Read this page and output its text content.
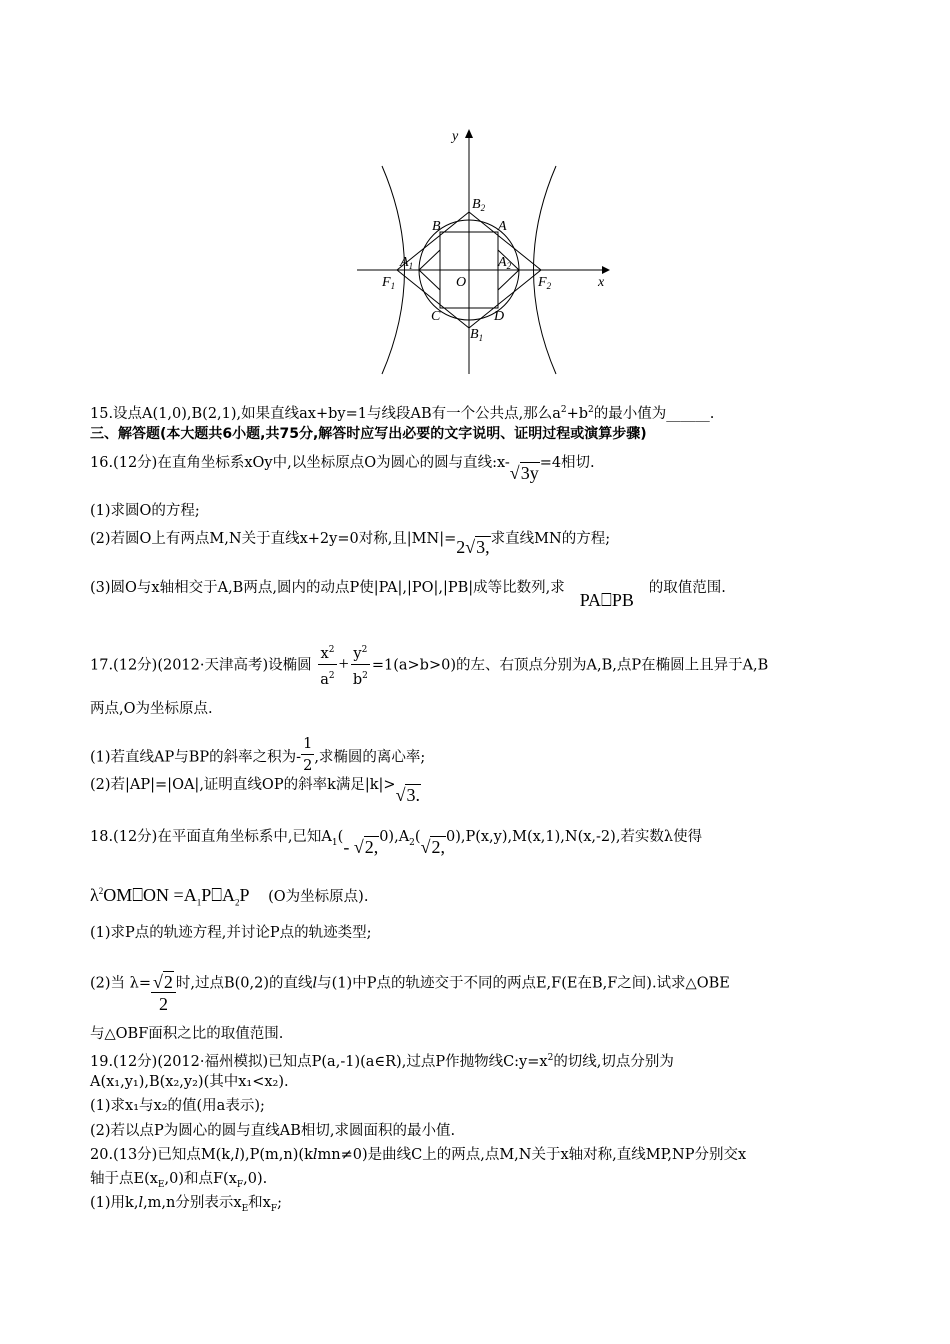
y
x
O
$B_2$
B	A
$A_1$	$A_2$
$F_1$	$F_2$
C	D
$B_1$
15.设点A(1,0),B(2,1),如果直线ax+by=1与线段AB有一个公共点,那么$a^2+b^2$的最小值为______.
三、解答题(本大题共6小题,共75分,解答时应写出必要的文字说明、证明过程或演算步骤)
16.(12分)在直角坐标系xOy中,以坐标原点O为圆心的圆与直线:x-√3y=4相切.
(1)求圆O的方程;
(2)若圆O上有两点M,N关于直线x+2y=0对称,且|MN|=2√3,求直线MN的方程;
(3)圆O与x轴相交于A,B两点,圆内的动点P使|PA|,|PO|,|PB|成等比数列,求PA⎕PB的取值范围.
17.(12分)(2012·天津高考)设椭圆 $\frac{x^2}{a^2} + \frac{y^2}{b^2} =1(a>b>0)$的左、右顶点分别为A,B,点P在椭圆上且异于A,B
两点,O为坐标原点.
(1)若直线AP与BP的斜率之积为- $\frac{1}{2}$ ,求椭圆的离心率;
(2)若|AP|=|OA|,证明直线OP的斜率k满足|k|>√3.
18.(12分)在平面直角坐标系中,已知$A_1(-$ $√2,0),A_2(√2,0),P(x,y),M(x,1),N(x,-2)$,若实数λ使得
$\lambda^2OM⎕ON$ $=A_1P⎕A_2P$ (O为坐标原点).
(1)求P点的轨迹方程,并讨论P点的轨迹类型;
(2)当 $\lambda= \frac{√2}{2}$ 时,过点B(0,2)的直线l与(1)中P点的轨迹交于不同的两点E,F(E在B,F之间).试求△OBE
与△OBF面积之比的取值范围.
19.(12分)(2012·福州模拟)已知点P(a,-1)(a∈R),过点P作抛物线$C:y=x^2$的切线,切点分别为
A(x₁,y₁),B(x₂,y₂)(其中x₁<x₂).
(1)求x₁与x₂的值(用a表示);
(2)若以点P为圆心的圆与直线AB相切,求圆面积的最小值.
20.(13分)已知点M(k,l),P(m,n)(klmn≠0)是曲线C上的两点,点M,N关于x轴对称,直线MP,NP分别交x
轴于点$E(x_E,0)$和点$F(x_F,0)$.
(1)用k,l,m,n分别表示$x_E$和$x_F$;
